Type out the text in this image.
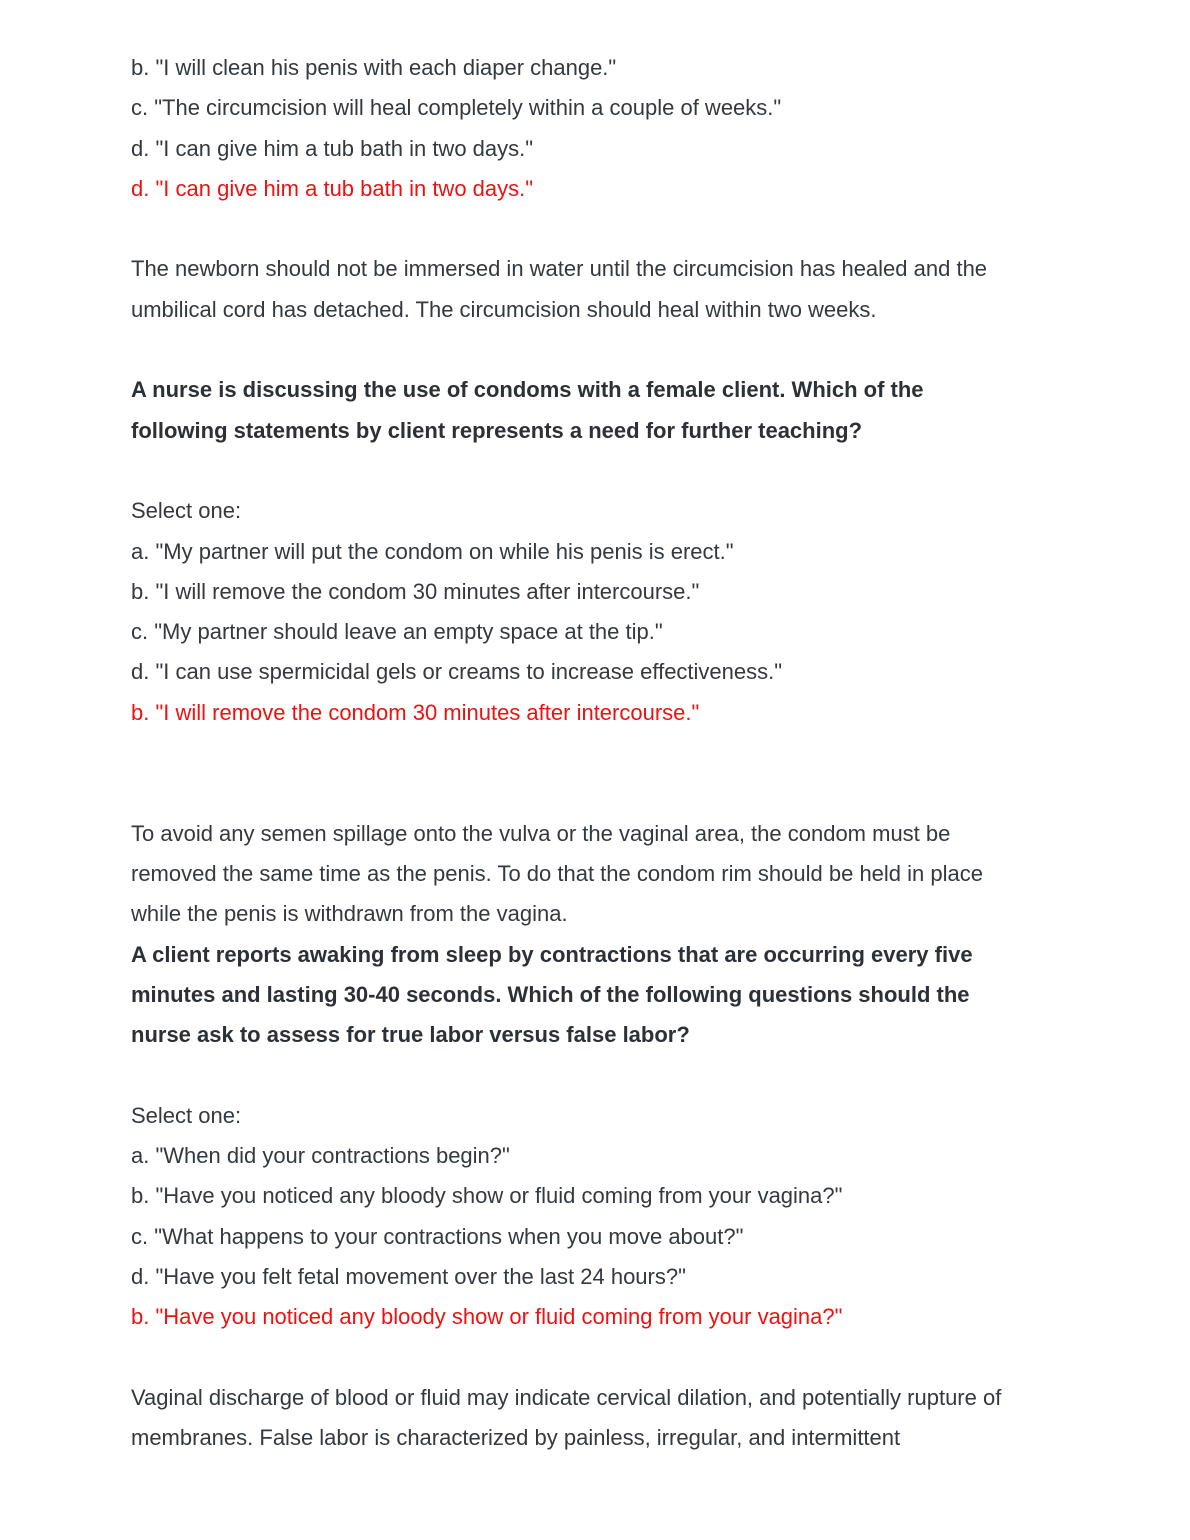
b. "I will clean his penis with each diaper change."
c. "The circumcision will heal completely within a couple of weeks."
d. "I can give him a tub bath in two days."
d. "I can give him a tub bath in two days."
The newborn should not be immersed in water until the circumcision has healed and the
umbilical cord has detached. The circumcision should heal within two weeks.
A nurse is discussing the use of condoms with a female client. Which of the
following statements by client represents a need for further teaching?
Select one:
a. "My partner will put the condom on while his penis is erect."
b. "I will remove the condom 30 minutes after intercourse."
c. "My partner should leave an empty space at the tip."
d. "I can use spermicidal gels or creams to increase effectiveness."
b. "I will remove the condom 30 minutes after intercourse."
To avoid any semen spillage onto the vulva or the vaginal area, the condom must be
removed the same time as the penis. To do that the condom rim should be held in place
while the penis is withdrawn from the vagina.
A client reports awaking from sleep by contractions that are occurring every five
minutes and lasting 30-40 seconds. Which of the following questions should the
nurse ask to assess for true labor versus false labor?
Select one:
a. "When did your contractions begin?"
b. "Have you noticed any bloody show or fluid coming from your vagina?"
c. "What happens to your contractions when you move about?"
d. "Have you felt fetal movement over the last 24 hours?"
b. "Have you noticed any bloody show or fluid coming from your vagina?"
Vaginal discharge of blood or fluid may indicate cervical dilation, and potentially rupture of
membranes. False labor is characterized by painless, irregular, and intermittent
